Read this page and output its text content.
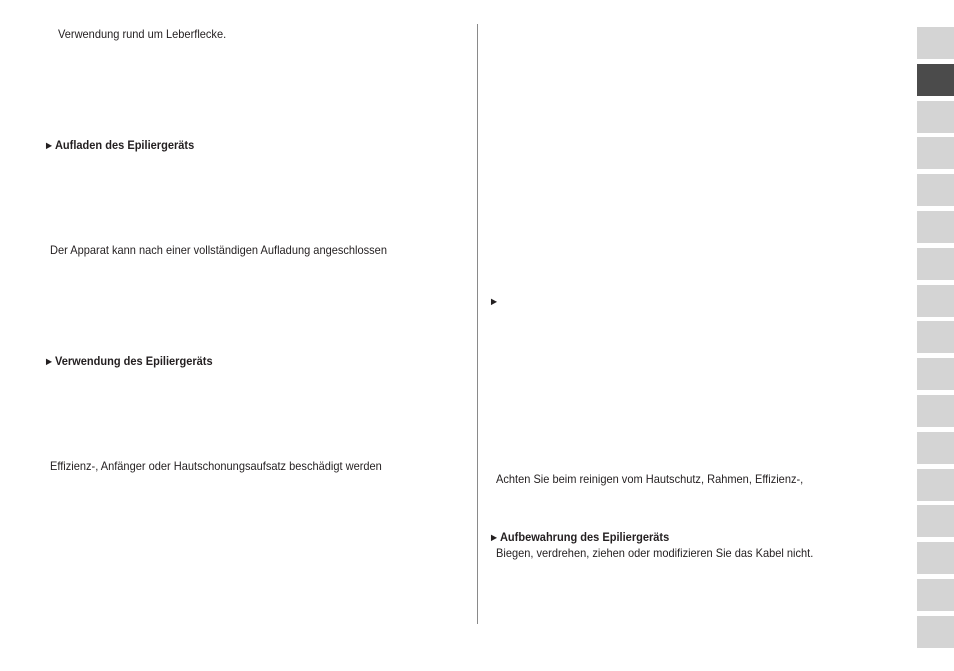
Verwendung rund um Leberflecke.
►Aufladen des Epiliergeräts
Der Apparat kann nach einer vollständigen Aufladung angeschlossen
►Verwendung des Epiliergeräts
Effizienz-, Anfänger oder Hautschonungsaufsatz beschädigt werden
►
Achten Sie beim reinigen vom Hautschutz, Rahmen, Effizienz-,
►Aufbewahrung des Epiliergeräts
Biegen, verdrehen, ziehen oder modifizieren Sie das Kabel nicht.
